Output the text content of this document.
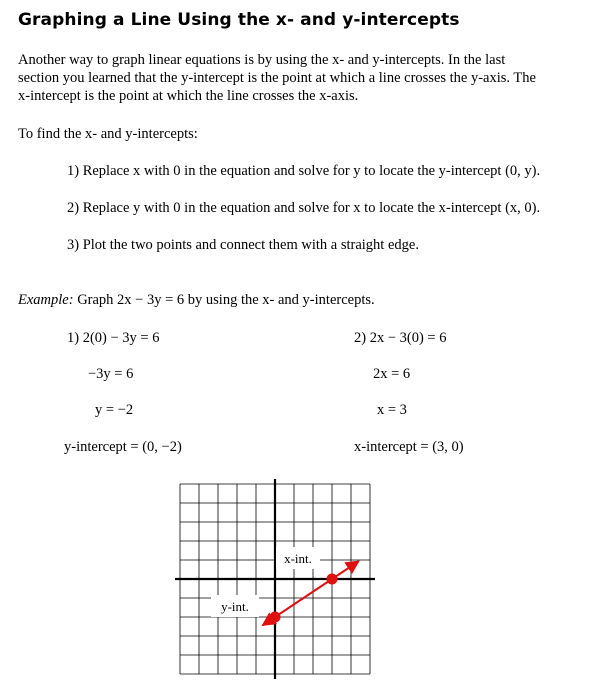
Graphing a Line Using the x- and y-intercepts

Another way to graph linear equations is by using the x- and y-intercepts. In the last

section you learned that the y-intercept is the point at which a line crosses the y-axis. The

x-intercept is the point at which the line crosses the x-axis.

To find the x- and y-intercepts:

1) Replace x with 0 in the equation and solve for y to locate the y-intercept (0, y).

2) Replace y with 0 in the equation and solve for x to locate the x-intercept (x, 0).

3) Plot the two points and connect them with a straight edge.

Example: Graph 2x − 3y = 6 by using the x- and y-intercepts.

1) 2(0) − 3y = 6

−3y = 6

y = −2

y-intercept = (0, −2)

2) 2x − 3(0) = 6

2x = 6

x = 3

x-intercept = (3, 0)

x-int.
y-int.
